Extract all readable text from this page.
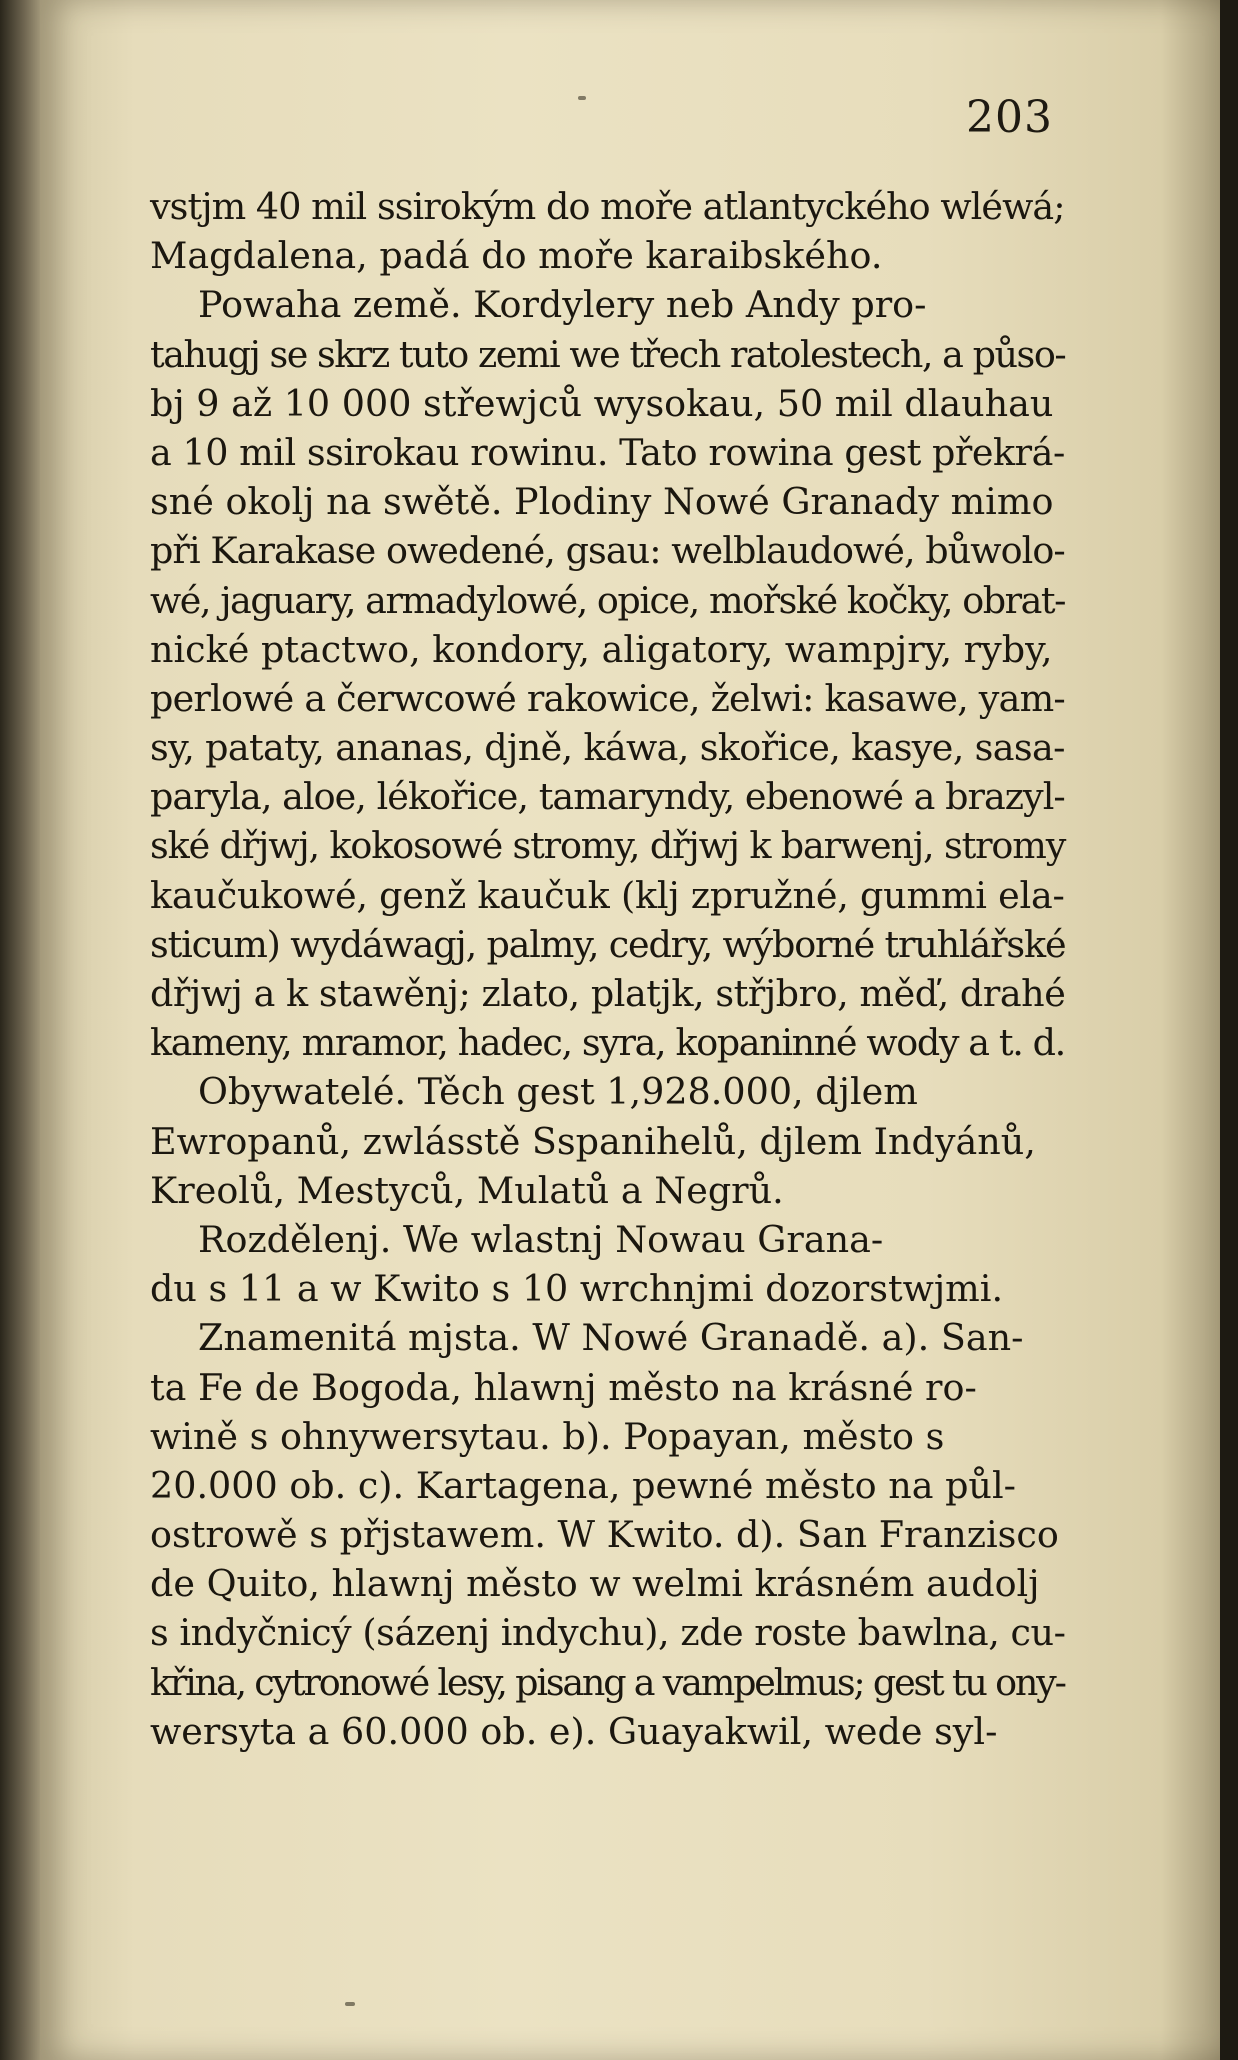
203
vstjm 40 mil ssirokým do moře atlantyckého wléwá;
Magdalena, padá do moře karaibského.
Powaha země. Kordylery neb Andy pro-
tahugj se skrz tuto zemi we třech ratolestech, a půso-
bj 9 až 10 000 střewjců wysokau, 50 mil dlauhau
a 10 mil ssirokau rowinu. Tato rowina gest překrá-
sné okolj na swětě. Plodiny Nowé Granady mimo
při Karakase owedené, gsau: welblaudowé, bůwolo-
wé, jaguary, armadylowé, opice, mořské kočky, obrat-
nické ptactwo, kondory, aligatory, wampjry, ryby,
perlowé a čerwcowé rakowice, želwi: kasawe, yam-
sy, pataty, ananas, djně, káwa, skořice, kasye, sasa-
paryla, aloe, lékořice, tamaryndy, ebenowé a brazyl-
ské dřjwj, kokosowé stromy, dřjwj k barwenj, stromy
kaučukowé, genž kaučuk (klj zpružné, gummi ela-
sticum) wydáwagj, palmy, cedry, wýborné truhlářské
dřjwj a k stawěnj; zlato, platjk, střjbro, měď, drahé
kameny, mramor, hadec, syra, kopaninné wody a t. d.
Obywatelé. Těch gest 1,928.000, djlem
Ewropanů, zwlásstě Sspanihelů, djlem Indyánů,
Kreolů, Mestyců, Mulatů a Negrů.
Rozdělenj. We wlastnj Nowau Grana-
du s 11 a w Kwito s 10 wrchnjmi dozorstwjmi.
Znamenitá mjsta. W Nowé Granadě. a). San-
ta Fe de Bogoda, hlawnj město na krásné ro-
wině s ohnywersytau. b). Popayan, město s
20.000 ob. c). Kartagena, pewné město na půl-
ostrowě s přjstawem. W Kwito. d). San Franzisco
de Quito, hlawnj město w welmi krásném audolj
s indyčnicý (sázenj indychu), zde roste bawlna, cu-
křina, cytronowé lesy, pisang a vampelmus; gest tu ony-
wersyta a 60.000 ob. e). Guayakwil, wede syl-
